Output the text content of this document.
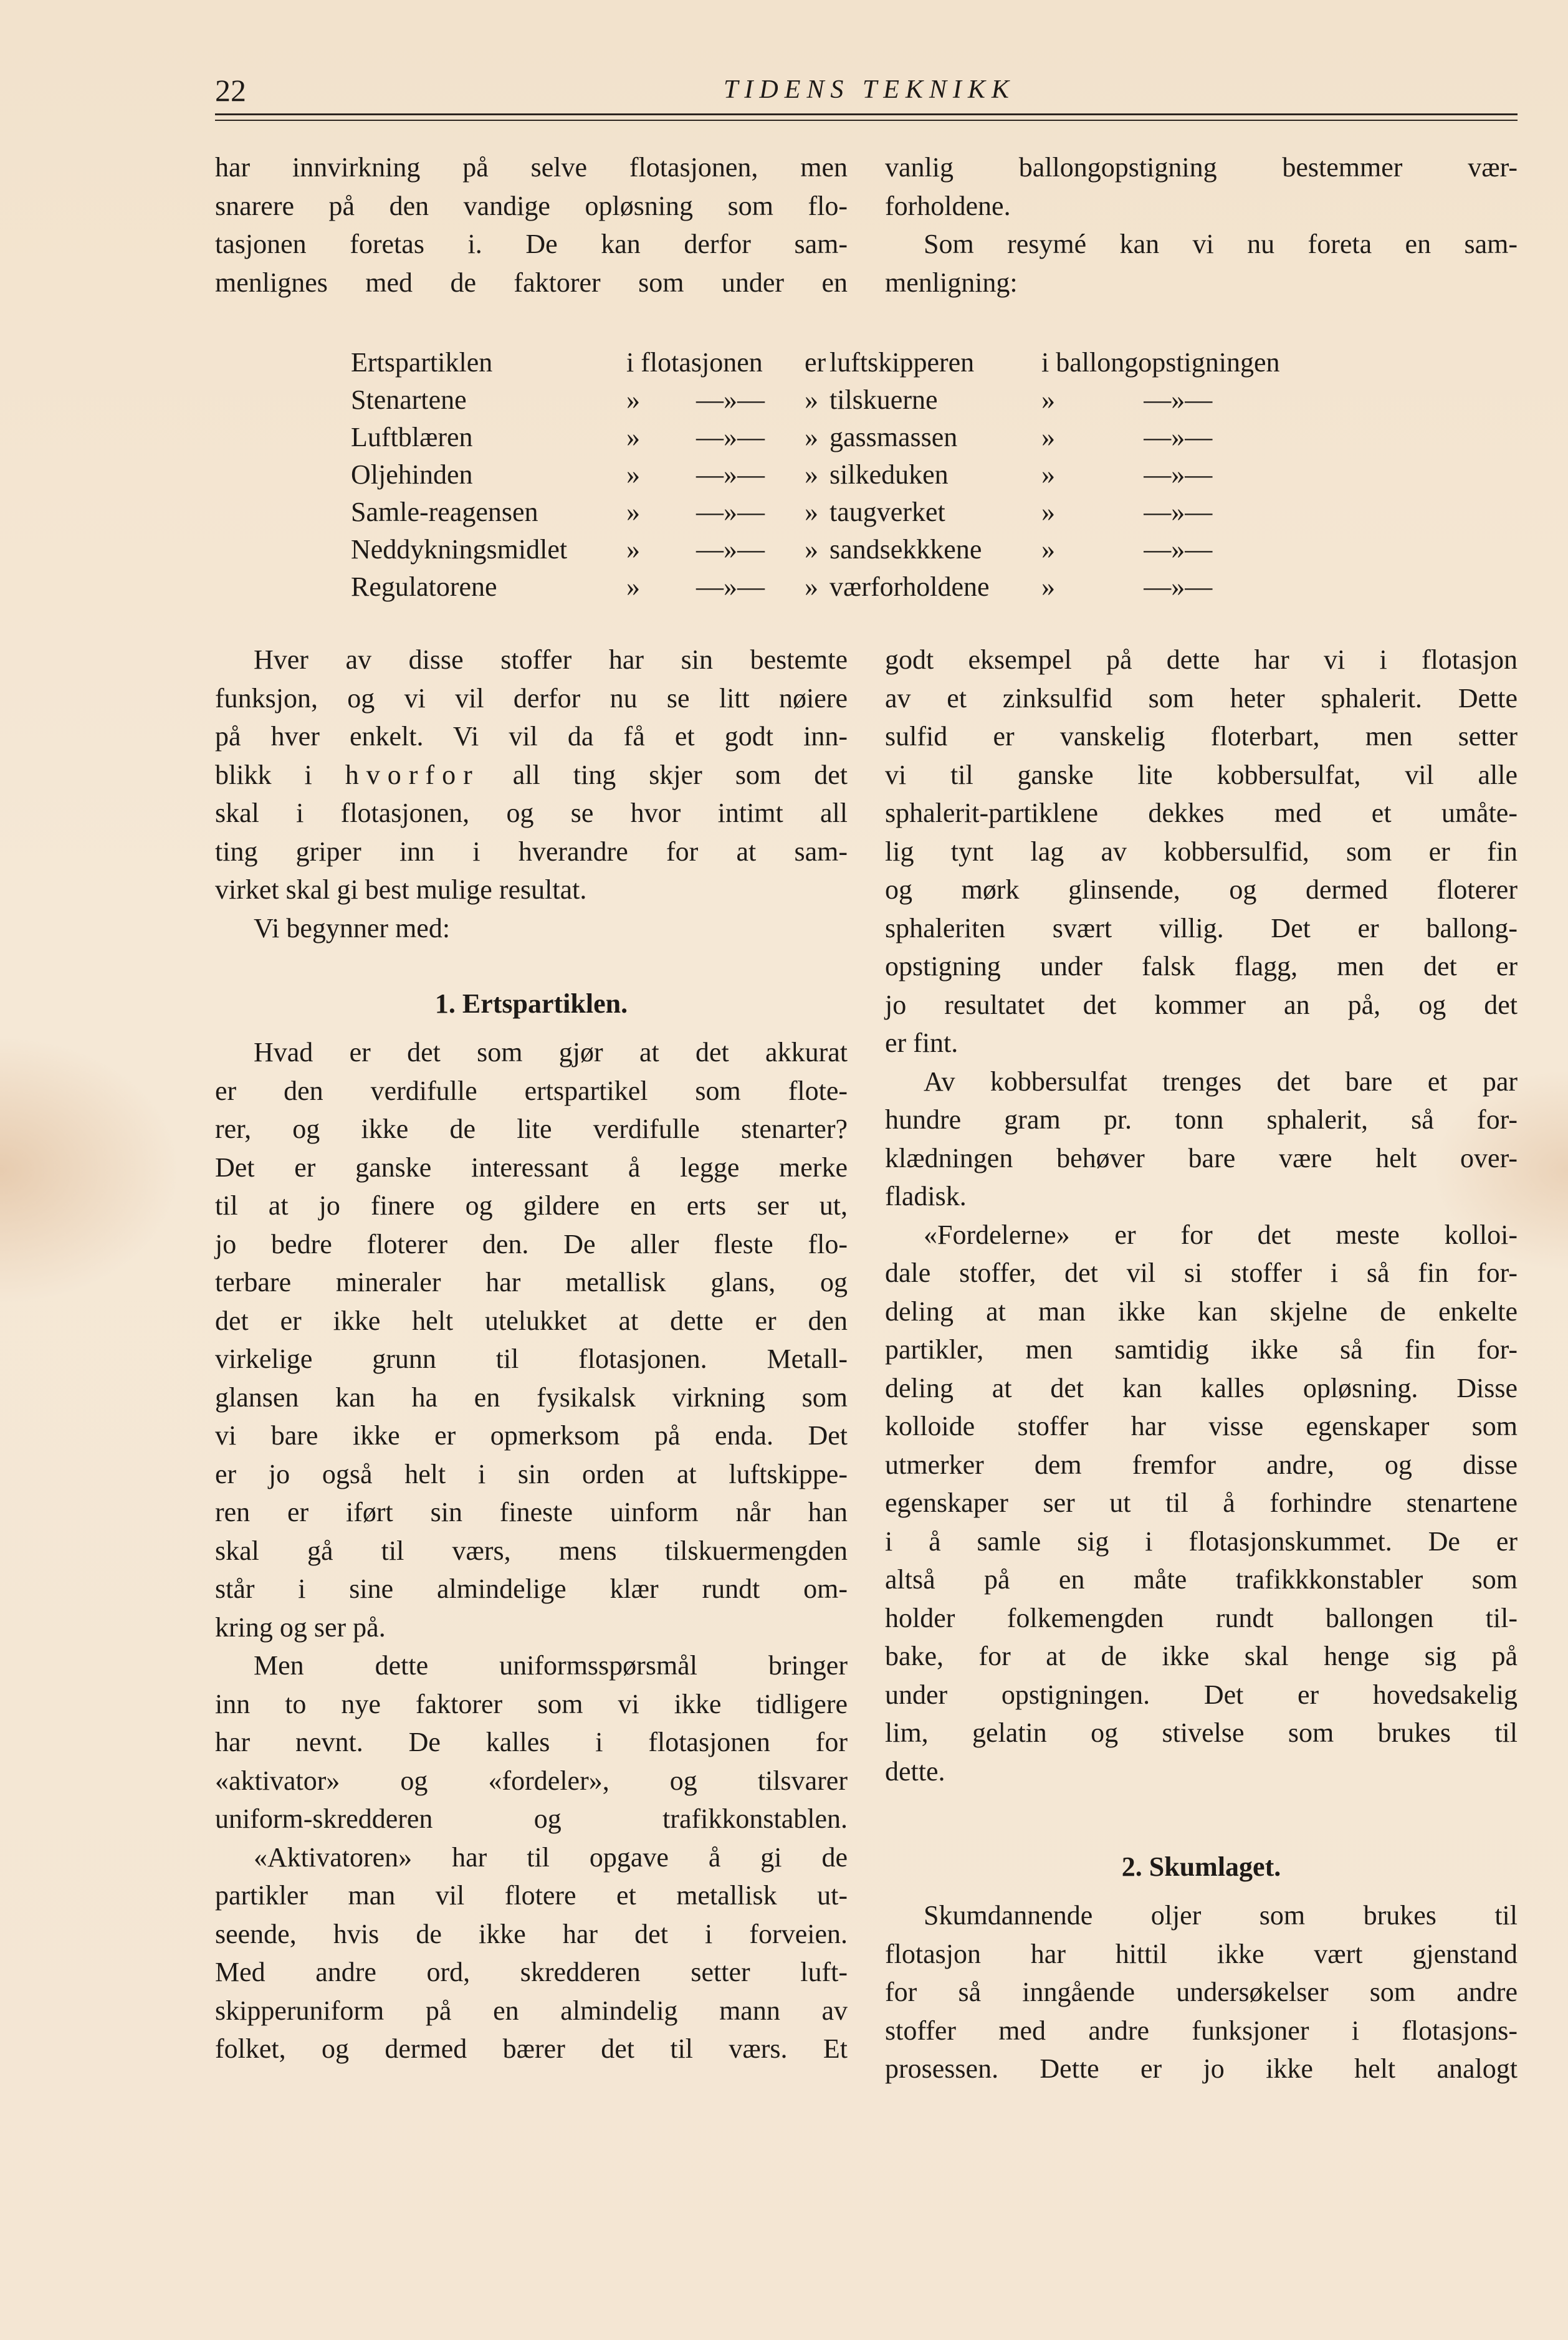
22	TIDENS TEKNIKK
har innvirkning på selve flotasjonen, men
snarere på den vandige opløsning som flo-
tasjonen foretas i. De kan derfor sam-
menlignes med de faktorer som under en
vanlig ballongopstigning bestemmer vær-
forholdene.
Som resymé kan vi nu foreta en sam-
menligning:
Ertspartiklen	i flotasjonen		er	luftskipperen	i ballongopstigningen	
Stenartene	»	—»—	»	tilskuerne	»	—»—
Luftblæren	»	—»—	»	gassmassen	»	—»—
Oljehinden	»	—»—	»	silkeduken	»	—»—
Samle-reagensen	»	—»—	»	taugverket	»	—»—
Neddykningsmidlet	»	—»—	»	sandsekkkene	»	—»—
Regulatorene	»	—»—	»	værforholdene	»	—»—
Hver av disse stoffer har sin bestemte
funksjon, og vi vil derfor nu se litt nøiere
på hver enkelt. Vi vil da få et godt inn-
blikk i hvorfor all ting skjer som det
skal i flotasjonen, og se hvor intimt all
ting griper inn i hverandre for at sam-
virket skal gi best mulige resultat.
Vi begynner med:
1. Ertspartiklen.
Hvad er det som gjør at det akkurat
er den verdifulle ertspartikel som flote-
rer, og ikke de lite verdifulle stenarter?
Det er ganske interessant å legge merke
til at jo finere og gildere en erts ser ut,
jo bedre floterer den. De aller fleste flo-
terbare mineraler har metallisk glans, og
det er ikke helt utelukket at dette er den
virkelige grunn til flotasjonen. Metall-
glansen kan ha en fysikalsk virkning som
vi bare ikke er opmerksom på enda. Det
er jo også helt i sin orden at luftskippe-
ren er iført sin fineste uinform når han
skal gå til værs, mens tilskuermengden
står i sine almindelige klær rundt om-
kring og ser på.
Men dette uniformsspørsmål bringer
inn to nye faktorer som vi ikke tidligere
har nevnt. De kalles i flotasjonen for
«aktivator» og «fordeler», og tilsvarer
uniform-skredderen og trafikkonstablen.
«Aktivatoren» har til opgave å gi de
partikler man vil flotere et metallisk ut-
seende, hvis de ikke har det i forveien.
Med andre ord, skredderen setter luft-
skipperuniform på en almindelig mann av
folket, og dermed bærer det til værs. Et
godt eksempel på dette har vi i flotasjon
av et zinksulfid som heter sphalerit. Dette
sulfid er vanskelig floterbart, men setter
vi til ganske lite kobbersulfat, vil alle
sphalerit-partiklene dekkes med et umåte-
lig tynt lag av kobbersulfid, som er fin
og mørk glinsende, og dermed floterer
sphaleriten svært villig. Det er ballong-
opstigning under falsk flagg, men det er
jo resultatet det kommer an på, og det
er fint.
Av kobbersulfat trenges det bare et par
hundre gram pr. tonn sphalerit, så for-
klædningen behøver bare være helt over-
fladisk.
«Fordelerne» er for det meste kolloi-
dale stoffer, det vil si stoffer i så fin for-
deling at man ikke kan skjelne de enkelte
partikler, men samtidig ikke så fin for-
deling at det kan kalles opløsning. Disse
kolloide stoffer har visse egenskaper som
utmerker dem fremfor andre, og disse
egenskaper ser ut til å forhindre stenartene
i å samle sig i flotasjonskummet. De er
altså på en måte trafikkkonstabler som
holder folkemengden rundt ballongen til-
bake, for at de ikke skal henge sig på
under opstigningen. Det er hovedsakelig
lim, gelatin og stivelse som brukes til
dette.
2. Skumlaget.
Skumdannende oljer som brukes til
flotasjon har hittil ikke vært gjenstand
for så inngående undersøkelser som andre
stoffer med andre funksjoner i flotasjons-
prosessen. Dette er jo ikke helt analogt
